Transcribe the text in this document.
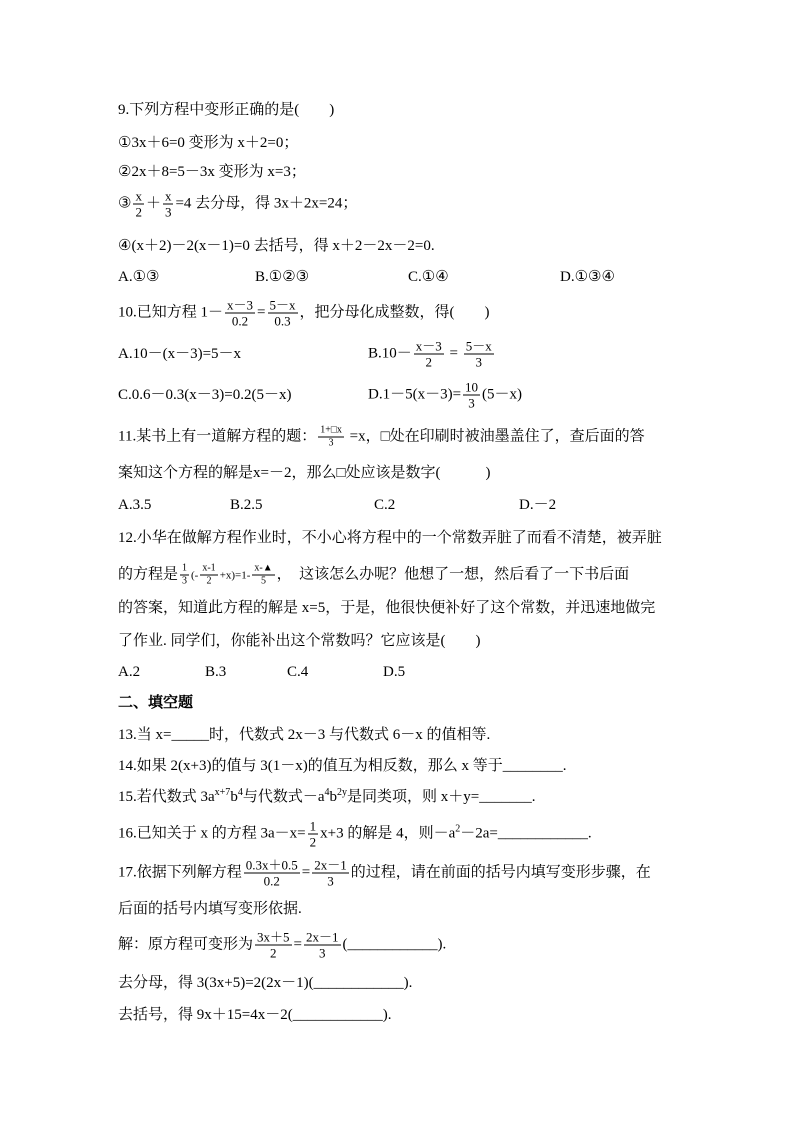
9.下列方程中变形正确的是(　　)
①3x＋6=0 变形为 x＋2=0；
②2x＋8=5－3x 变形为 x=3；
③ $\frac{x}{2} + \frac{x}{3} =4$ 去分母，得 3x＋2x=24；
④(x＋2)－2(x－1)=0 去括号，得 x＋2－2x－2=0.
A.①③	B.①②③	C.①④	D.①③④
10.已知方程 $1- \frac{x-3}{0.2} = \frac{5-x}{0.3}$ ，把分母化成整数，得(　　)
A.10－(x－3)=5－x	$B.10- \frac{x-3}{2} = \frac{5-x}{3}$
C.0.6－0.3(x－3)=0.2(5－x)	$D.1-5(x-3)= \frac{10}{3} (5-x)$
11.某书上有一道解方程的题： $\frac{1+□x}{3} =x$，□处在印刷时被油墨盖住了，查后面的答
案知这个方程的解是x=－2，那么□处应该是数字(　　　)
A.3.5	B.2.5	C.2	D.－2
12.小华在做解方程作业时，不小心将方程中的一个常数弄脏了而看不清楚，被弄脏
的方程是 $\frac{1}{3}$ (- $\frac{x-1}{2} +x)=1- \frac{x-▲}{5}$ ，　这该怎么办呢？他想了一想，然后看了一下书后面
的答案，知道此方程的解是 x=5，于是，他很快便补好了这个常数，并迅速地做完
了作业. 同学们，你能补出这个常数吗？它应该是(　　)
A.2	B.3	C.4	D.5
二、填空题
13.当 x=_____时，代数式 2x－3 与代数式 6－x 的值相等.
14.如果 2(x+3)的值与 3(1－x)的值互为相反数，那么 x 等于________.
15.若代数式 $3a^{x+7}b^4$与代数式$-a^4b^{2y}$是同类项，则 x＋y=_______.
16.已知关于 x 的方程 $3a-x= \frac{1}{2} x+3$ 的解是 4，则$-a^2-2a=\_\_\_\_\_\_\_\_\_\_\_\_$.
17.依据下列解方程 $\frac{0.3x+0.5}{0.2} = \frac{2x-1}{3}$ 的过程，请在前面的括号内填写变形步骤，在
后面的括号内填写变形依据.
解：原方程可变形为 $\frac{3x+5}{2} = \frac{2x-1}{3}$ (____________).
去分母，得 3(3x+5)=2(2x－1)(____________).
去括号，得 9x＋15=4x－2(____________).
